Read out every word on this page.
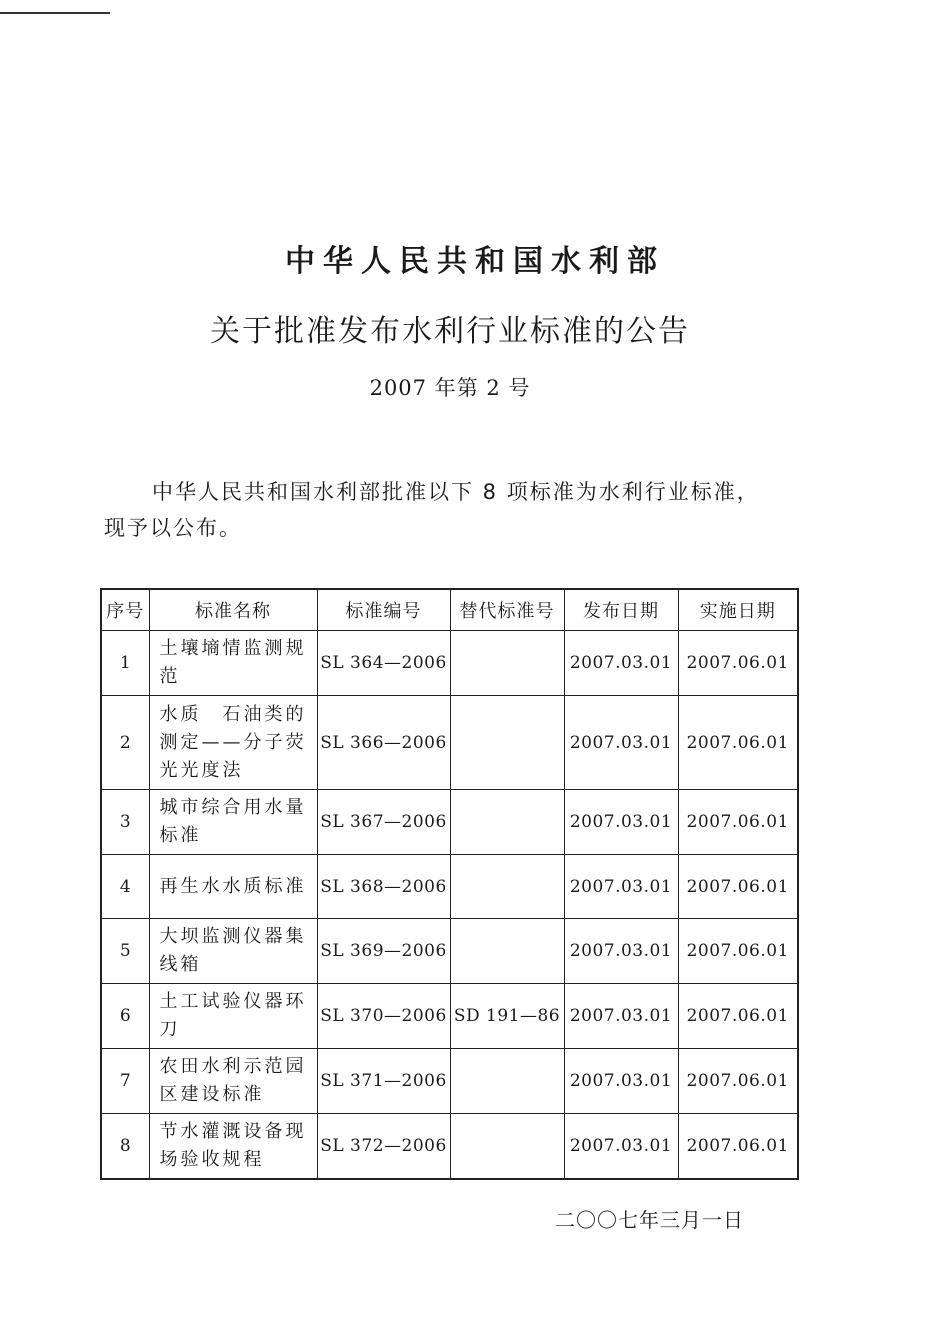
中华人民共和国水利部
关于批准发布水利行业标准的公告
2007 年第 2 号
中华人民共和国水利部批准以下 8 项标准为水利行业标准，
现予以公布。
序号	标准名称	标准编号	替代标准号	发布日期	实施日期
1	土壤墒情监测规范	SL 364—2006		2007.03.01	2007.06.01
2	水质　石油类的测定——分子荧光光度法	SL 366—2006		2007.03.01	2007.06.01
3	城市综合用水量标准	SL 367—2006		2007.03.01	2007.06.01
4	再生水水质标准	SL 368—2006		2007.03.01	2007.06.01
5	大坝监测仪器集线箱	SL 369—2006		2007.03.01	2007.06.01
6	土工试验仪器环刀	SL 370—2006	SD 191—86	2007.03.01	2007.06.01
7	农田水利示范园区建设标准	SL 371—2006		2007.03.01	2007.06.01
8	节水灌溉设备现场验收规程	SL 372—2006		2007.03.01	2007.06.01
二〇〇七年三月一日
